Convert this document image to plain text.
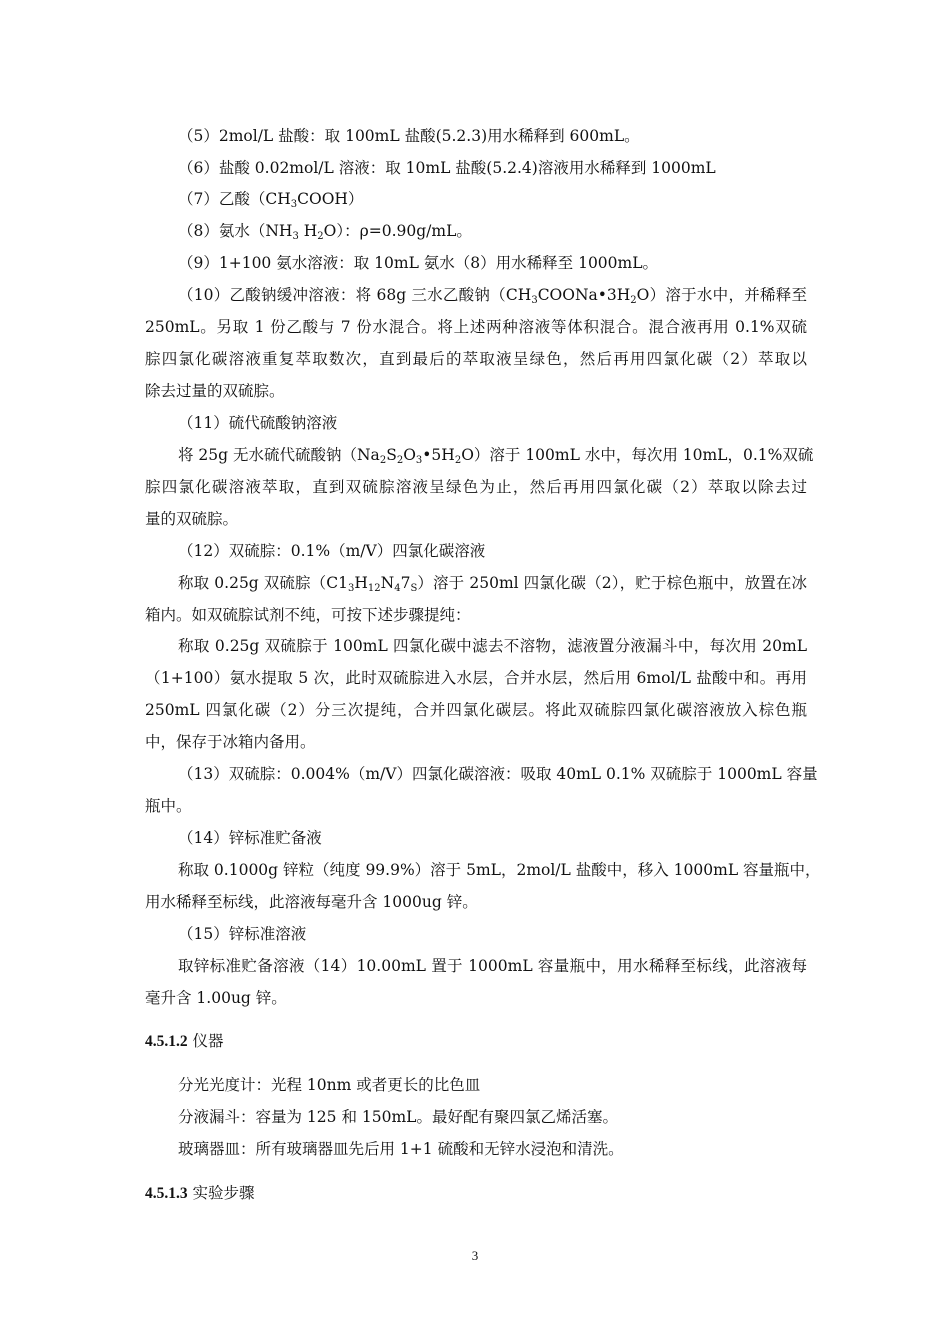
（5）2mol/L 盐酸：取 100mL 盐酸(5.2.3)用水稀释到 600mL。
（6）盐酸 0.02mol/L 溶液：取 10mL 盐酸(5.2.4)溶液用水稀释到 1000mL
（7）乙酸$(CH_3COOH)$
（8）氨水（$NH_3$ $H_2O$）：ρ=0.90g/mL。
（9）1+100 氨水溶液：取 10mL 氨水（8）用水稀释至 1000mL。
（10）乙酸钠缓冲溶液：将 68g 三水乙酸钠$(CH_3COONa•3H_2O)$溶于水中，并稀释至
250mL。另取 1 份乙酸与 7 份水混合。将上述两种溶液等体积混合。混合液再用 0.1%双硫
腙四氯化碳溶液重复萃取数次，直到最后的萃取液呈绿色，然后再用四氯化碳（2）萃取以
除去过量的双硫腙。
（11）硫代硫酸钠溶液
将 25g 无水硫代硫酸钠$(Na_2S_2O_3•5H_2O)$溶于 100mL 水中，每次用 10mL，0.1%双硫
腙四氯化碳溶液萃取，直到双硫腙溶液呈绿色为止，然后再用四氯化碳（2）萃取以除去过
量的双硫腙。
（12）双硫腙：0.1%（m/V）四氯化碳溶液
称取 0.25g 双硫腙$(C1_3H_{12}N_47_S)$溶于 250ml 四氯化碳（2），贮于棕色瓶中，放置在冰
箱内。如双硫腙试剂不纯，可按下述步骤提纯：
称取 0.25g 双硫腙于 100mL 四氯化碳中滤去不溶物，滤液置分液漏斗中，每次用 20mL
（1+100）氨水提取 5 次，此时双硫腙进入水层，合并水层，然后用 6mol/L 盐酸中和。再用
250mL 四氯化碳（2）分三次提纯，合并四氯化碳层。将此双硫腙四氯化碳溶液放入棕色瓶
中，保存于冰箱内备用。
（13）双硫腙：0.004%（m/V）四氯化碳溶液：吸取 40mL 0.1% 双硫腙于 1000mL 容量
瓶中。
（14）锌标准贮备液
称取 0.1000g 锌粒（纯度 99.9%）溶于 5mL，2mol/L 盐酸中，移入 1000mL 容量瓶中，
用水稀释至标线，此溶液每毫升含 1000ug 锌。
（15）锌标准溶液
取锌标准贮备溶液（14）10.00mL 置于 1000mL 容量瓶中，用水稀释至标线，此溶液每
毫升含 1.00ug 锌。
4.5.1.2 仪器
分光光度计：光程 10nm 或者更长的比色皿
分液漏斗：容量为 125 和 150mL。最好配有聚四氯乙烯活塞。
玻璃器皿：所有玻璃器皿先后用 1+1 硫酸和无锌水浸泡和清洗。
4.5.1.3 实验步骤
3
